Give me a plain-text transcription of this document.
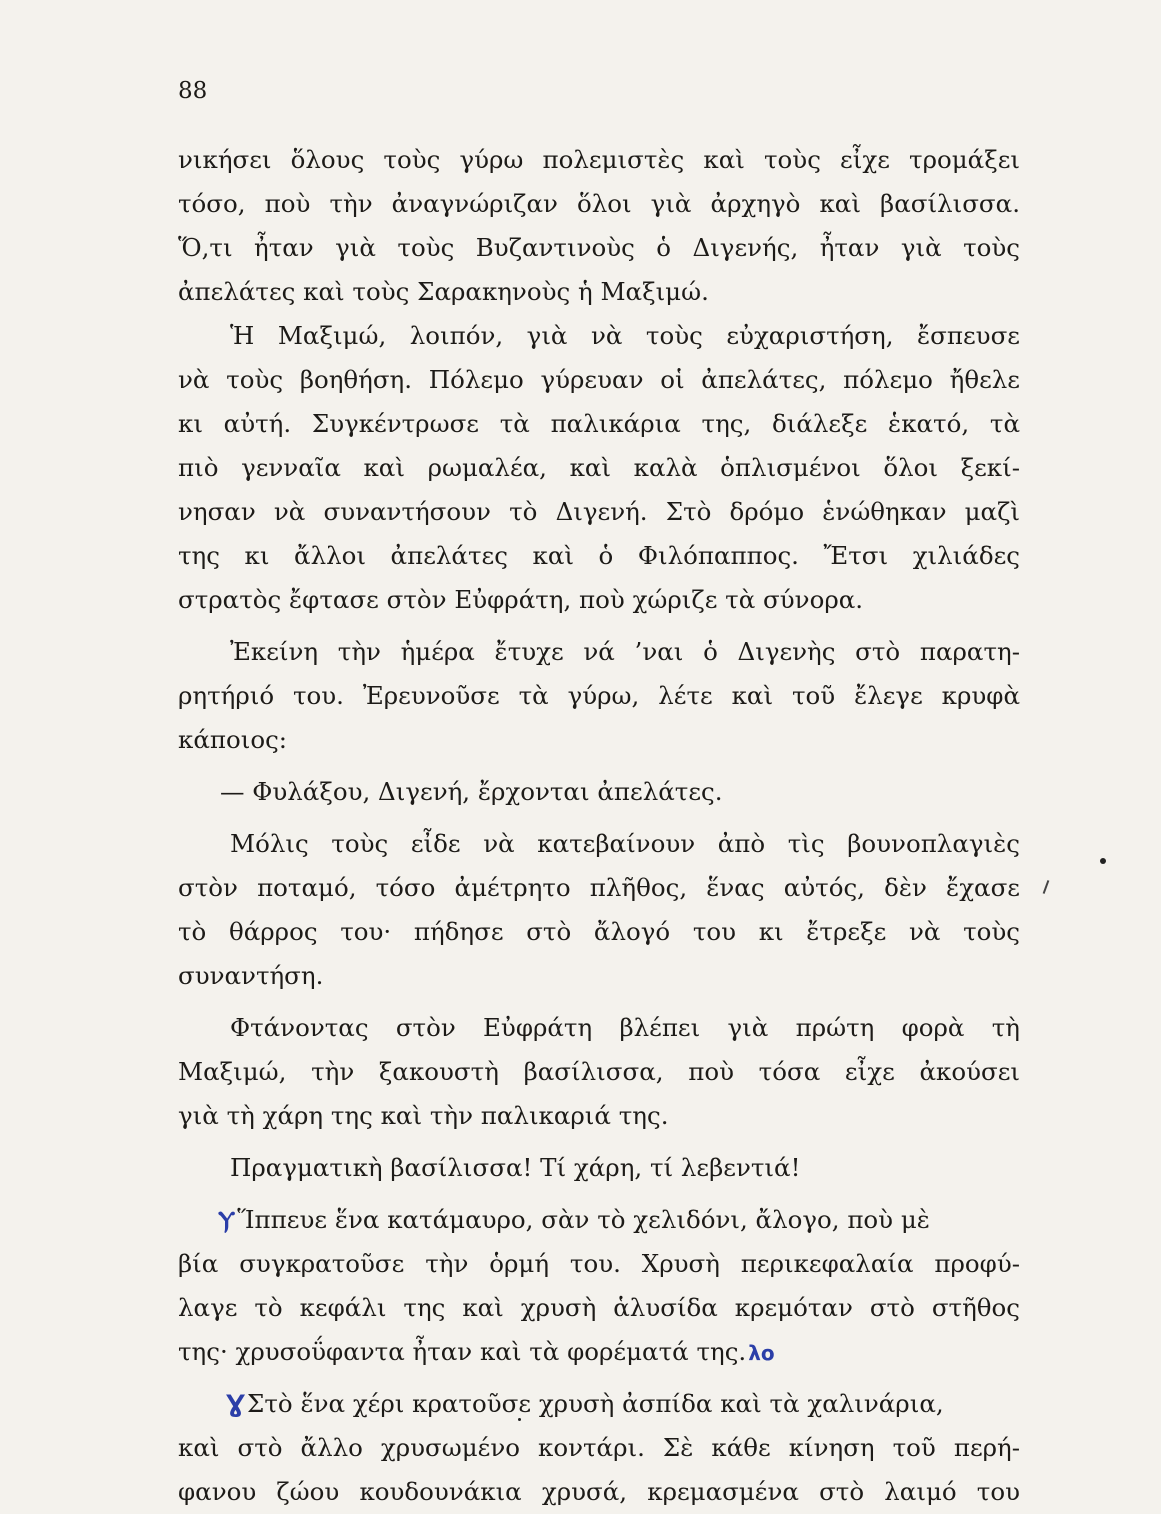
88
νικήσει ὅλους τοὺς γύρω πολεμιστὲς καὶ τοὺς εἶχε τρομάξει
τόσο, ποὺ τὴν ἀναγνώριζαν ὅλοι γιὰ ἀρχηγὸ καὶ βασίλισσα.
Ὅ,τι ἦταν γιὰ τοὺς Βυζαντινοὺς ὁ Διγενής, ἦταν γιὰ τοὺς
ἀπελάτες καὶ τοὺς Σαρακηνοὺς ἡ Μαξιμώ.
Ἡ Μαξιμώ, λοιπόν, γιὰ νὰ τοὺς εὐχαριστήση, ἔσπευσε
νὰ τοὺς βοηθήση. Πόλεμο γύρευαν οἱ ἀπελάτες, πόλεμο ἤθελε
κι αὐτή. Συγκέντρωσε τὰ παλικάρια της, διάλεξε ἑκατό, τὰ
πιὸ γενναῖα καὶ ρωμαλέα, καὶ καλὰ ὁπλισμένοι ὅλοι ξεκί-
νησαν νὰ συναντήσουν τὸ Διγενή. Στὸ δρόμο ἑνώθηκαν μαζὶ
της κι ἄλλοι ἀπελάτες καὶ ὁ Φιλόπαππος. Ἔτσι χιλιάδες
στρατὸς ἔφτασε στὸν Εὐφράτη, ποὺ χώριζε τὰ σύνορα.
Ἐκείνη τὴν ἡμέρα ἔτυχε νά ’ναι ὁ Διγενὴς στὸ παρατη-
ρητήριό του. Ἐρευνοῦσε τὰ γύρω, λέτε καὶ τοῦ ἔλεγε κρυφὰ
κάποιος:
— Φυλάξου, Διγενή, ἔρχονται ἀπελάτες.
Μόλις τοὺς εἶδε νὰ κατεβαίνουν ἀπὸ τὶς βουνοπλαγιὲς
στὸν ποταμό, τόσο ἀμέτρητο πλῆθος, ἕνας αὐτός, δὲν ἔχασε
τὸ θάρρος του· πήδησε στὸ ἄλογό του κι ἔτρεξε νὰ τοὺς
συναντήση.
Φτάνοντας στὸν Εὐφράτη βλέπει γιὰ πρώτη φορὰ τὴ
Μαξιμώ, τὴν ξακουστὴ βασίλισσα, ποὺ τόσα εἶχε ἀκούσει
γιὰ τὴ χάρη της καὶ τὴν παλικαριά της.
Πραγματικὴ βασίλισσα! Τί χάρη, τί λεβεντιά!
ⲨἽππευε ἕνα κατάμαυρο, σὰν τὸ χελιδόνι, ἄλογο, ποὺ μὲ
βία συγκρατοῦσε τὴν ὁρμή του. Χρυσὴ περικεφαλαία προφύ-
λαγε τὸ κεφάλι της καὶ χρυσὴ ἁλυσίδα κρεμόταν στὸ στῆθος
της· χρυσοΰφαντα ἦταν καὶ τὰ φορέματά της. λο
ƔΣτὸ ἕνα χέρι κρατοῦσε χρυσὴ ἀσπίδα καὶ τὰ χαλινάρια,
καὶ στὸ ἄλλο χρυσωμένο κοντάρι. Σὲ κάθε κίνηση τοῦ περή-
φανου ζώου κουδουνάκια χρυσά, κρεμασμένα στὸ λαιμό του
